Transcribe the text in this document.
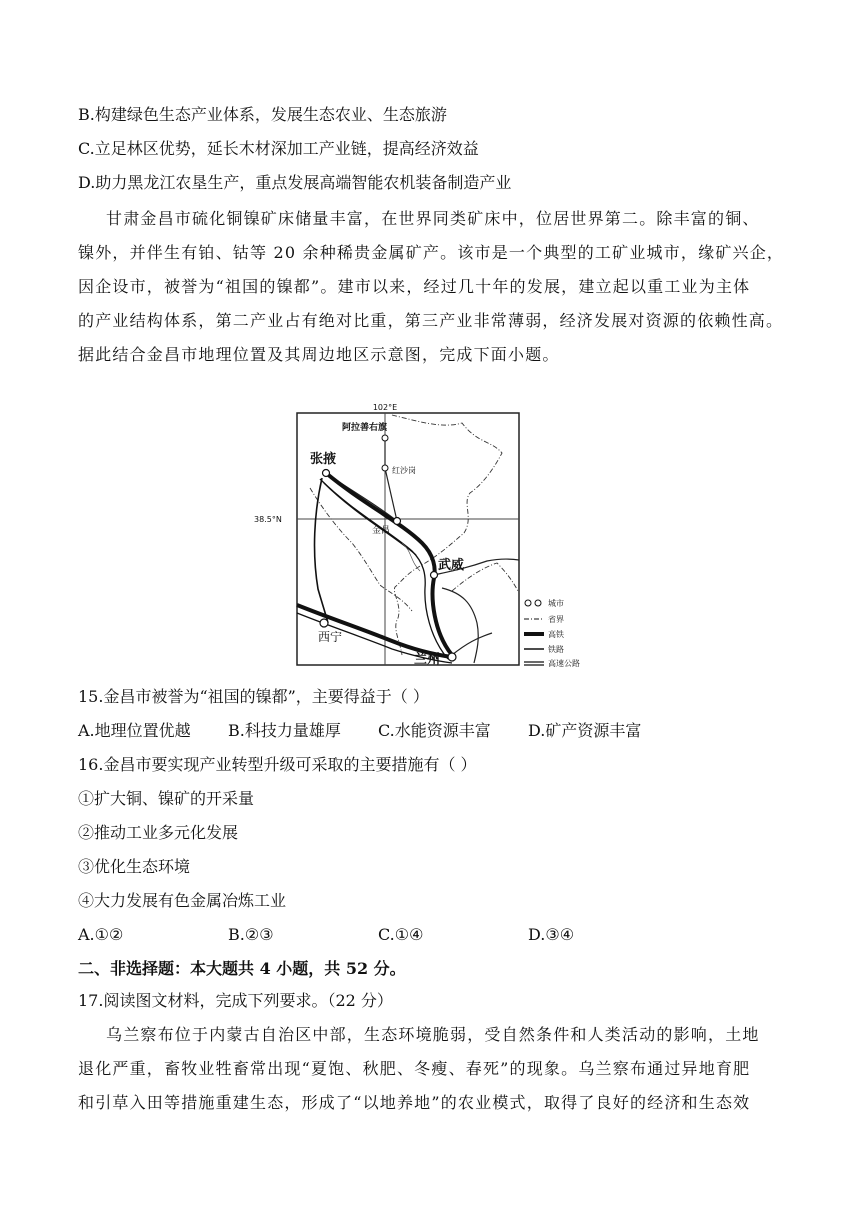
B.构建绿色生态产业体系，发展生态农业、生态旅游
C.立足林区优势，延长木材深加工产业链，提高经济效益
D.助力黑龙江农垦生产，重点发展高端智能农机装备制造产业
甘肃金昌市硫化铜镍矿床储量丰富，在世界同类矿床中，位居世界第二。除丰富的铜、
镍外，并伴生有铂、钴等 20 余种稀贵金属矿产。该市是一个典型的工矿业城市，缘矿兴企，
因企设市，被誉为“祖国的镍都”。建市以来，经过几十年的发展，建立起以重工业为主体
的产业结构体系，第二产业占有绝对比重，第三产业非常薄弱，经济发展对资源的依赖性高。
据此结合金昌市地理位置及其周边地区示意图，完成下面小题。
102°E
38.5°N
阿拉善右旗
红沙岗
张掖
金昌
武威
西宁
兰州
城市
省界
高铁
铁路
高速公路
15.金昌市被誉为“祖国的镍都”，主要得益于（ ）
A.地理位置优越 B.科技力量雄厚 C.水能资源丰富 D.矿产资源丰富
16.金昌市要实现产业转型升级可采取的主要措施有（ ）
①扩大铜、镍矿的开采量
②推动工业多元化发展
③优化生态环境
④大力发展有色金属冶炼工业
A.①②	B.②③	C.①④	D.③④
二、非选择题：本大题共 4 小题，共 52 分。
17.阅读图文材料，完成下列要求。（22 分）
乌兰察布位于内蒙古自治区中部，生态环境脆弱，受自然条件和人类活动的影响，土地
退化严重，畜牧业牲畜常出现“夏饱、秋肥、冬瘦、春死”的现象。乌兰察布通过异地育肥
和引草入田等措施重建生态，形成了“以地养地”的农业模式，取得了良好的经济和生态效
